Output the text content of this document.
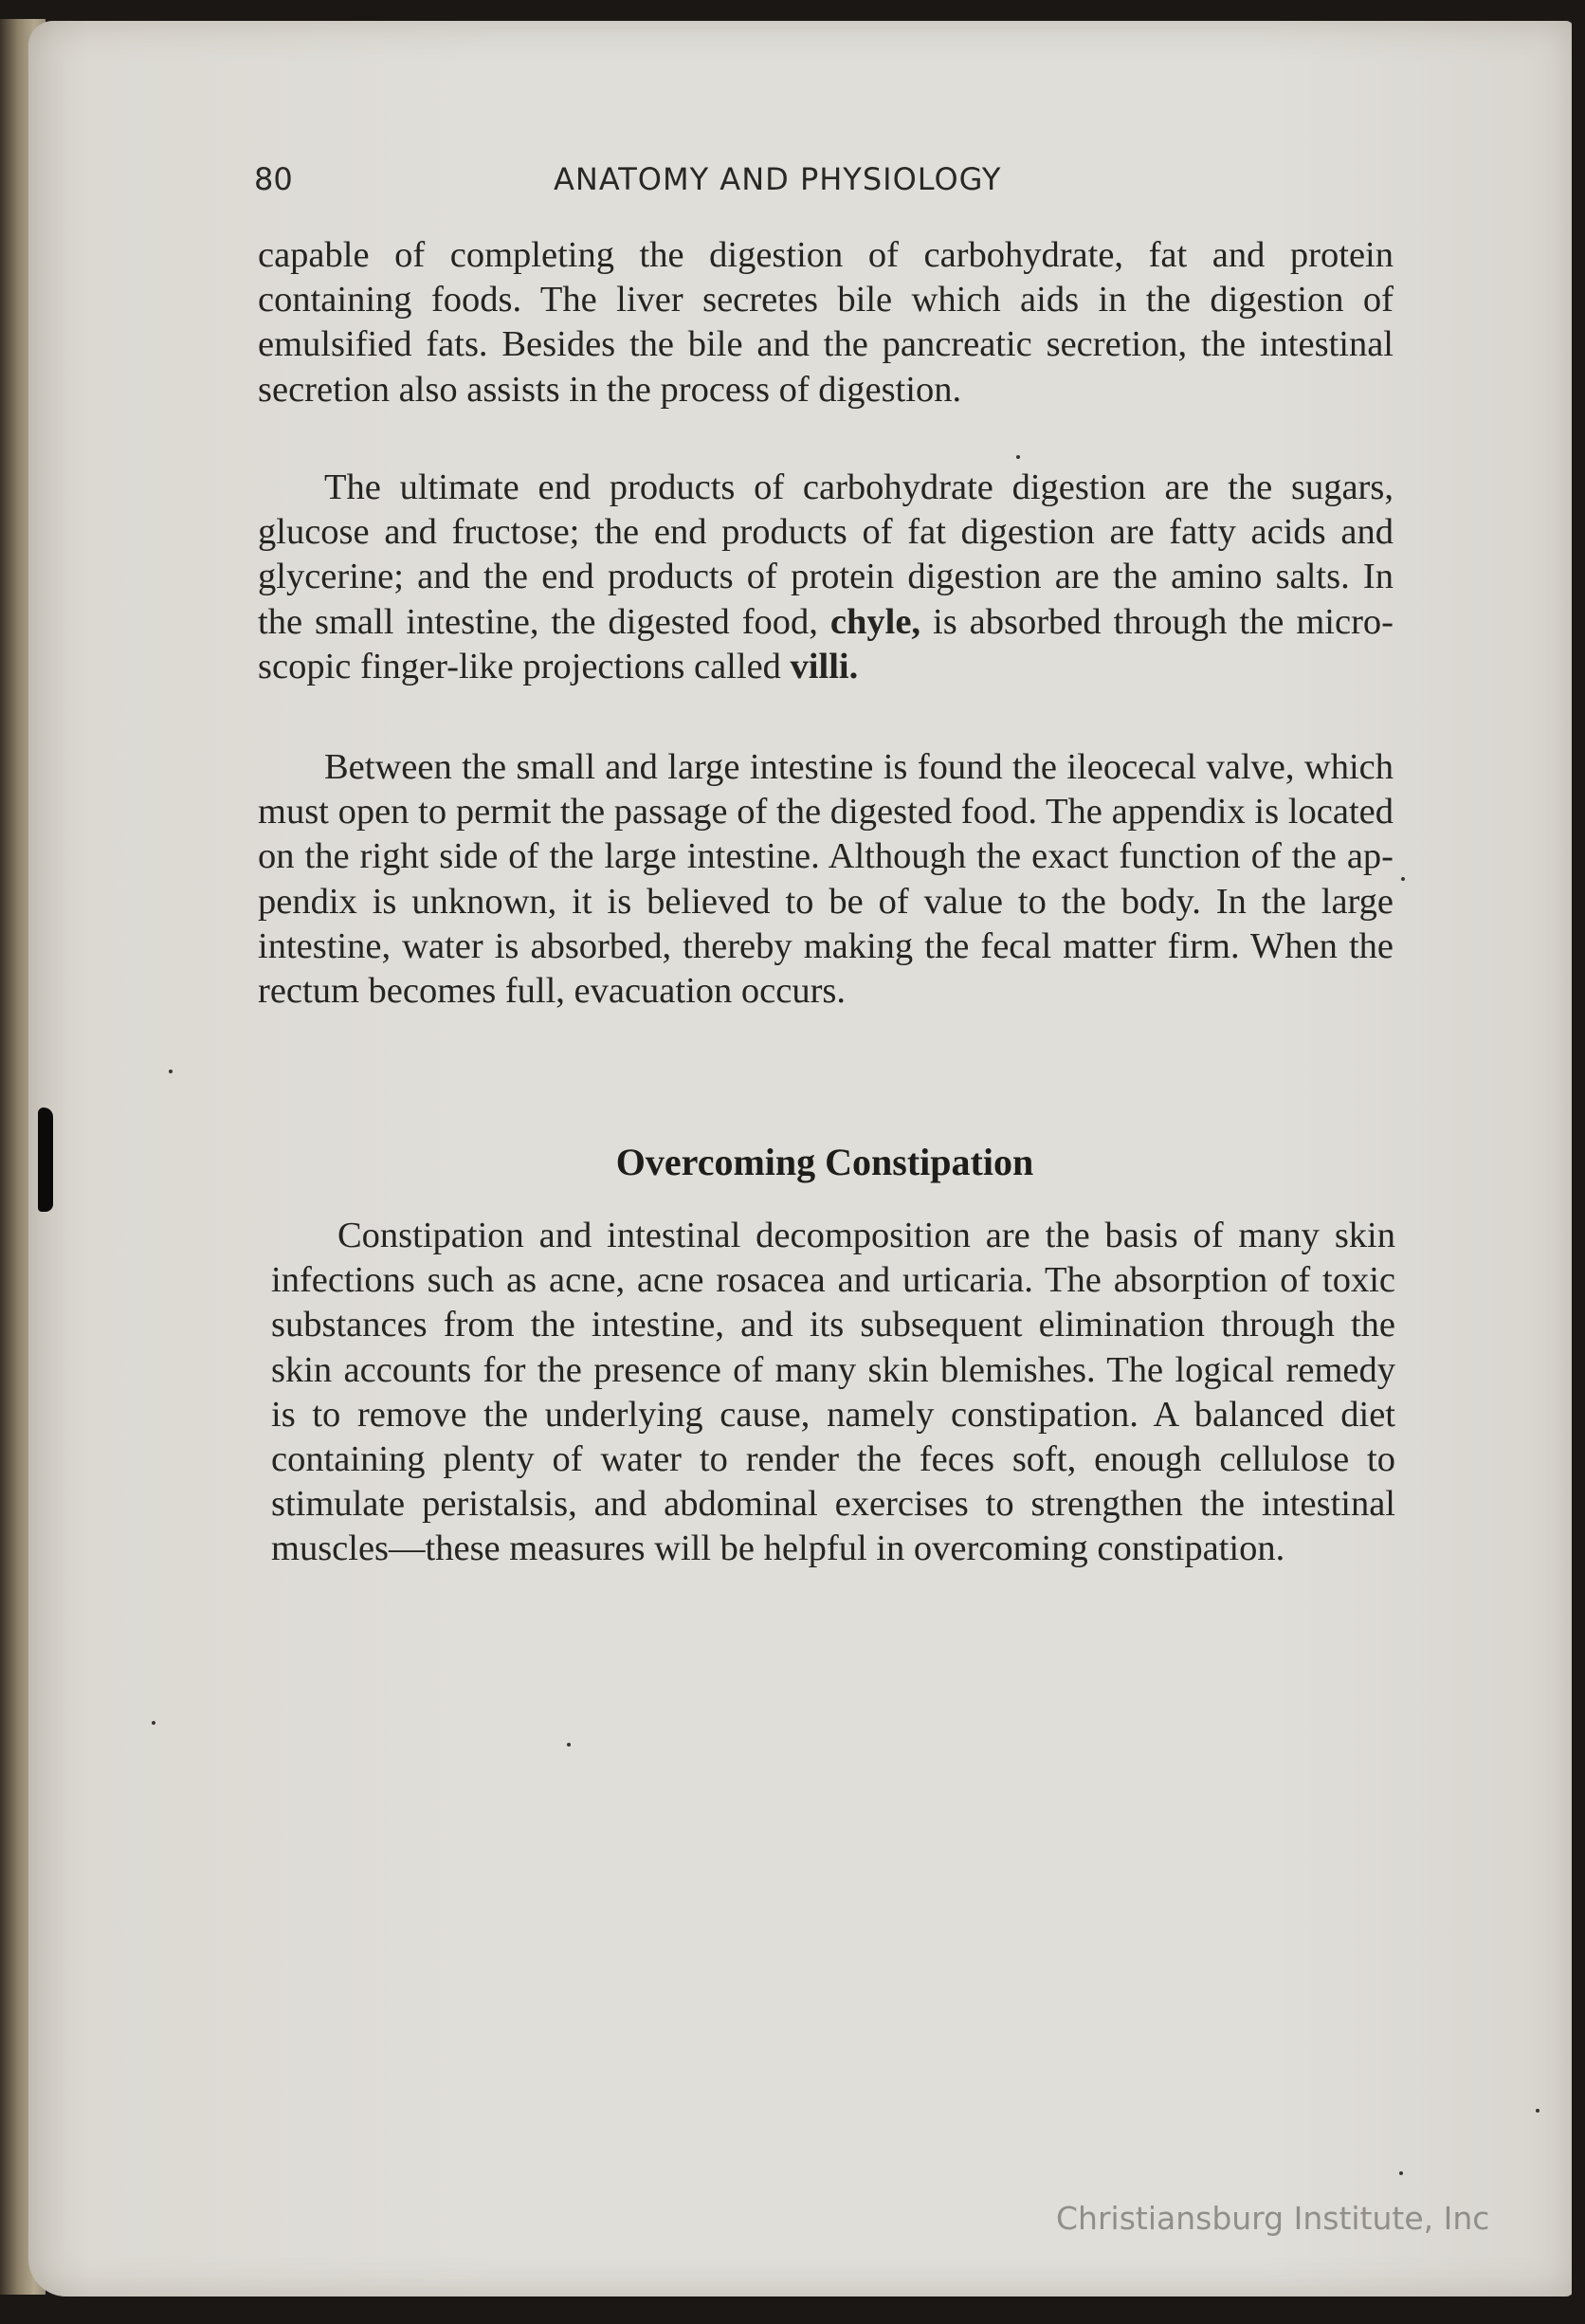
80	ANATOMY AND PHYSIOLOGY

capable of completing the digestion of carbohydrate, fat and protein containing foods. The liver secretes bile which aids in the digestion of emulsified fats. Besides the bile and the pancreatic secretion, the intestinal secretion also assists in the process of digestion.

The ultimate end products of carbohydrate digestion are the sugars, glucose and fructose; the end products of fat digestion are fatty acids and glycerine; and the end products of protein digestion are the amino salts. In the small intestine, the digested food, chyle, is absorbed through the microscopic finger-like projections called villi.

Between the small and large intestine is found the ileocecal valve, which must open to permit the passage of the digested food. The appendix is located on the right side of the large intestine. Although the exact function of the appendix is unknown, it is believed to be of value to the body. In the large intestine, water is absorbed, thereby making the fecal matter firm. When the rectum becomes full, evacuation occurs.

Overcoming Constipation

Constipation and intestinal decomposition are the basis of many skin infections such as acne, acne rosacea and urticaria. The absorption of toxic substances from the intestine, and its subsequent elimination through the skin accounts for the presence of many skin blemishes. The logical remedy is to remove the underlying cause, namely constipation. A balanced diet containing plenty of water to render the feces soft, enough cellulose to stimulate peristalsis, and abdominal exercises to strengthen the intestinal muscles—these measures will be helpful in overcoming constipation.

Christiansburg Institute, Inc
